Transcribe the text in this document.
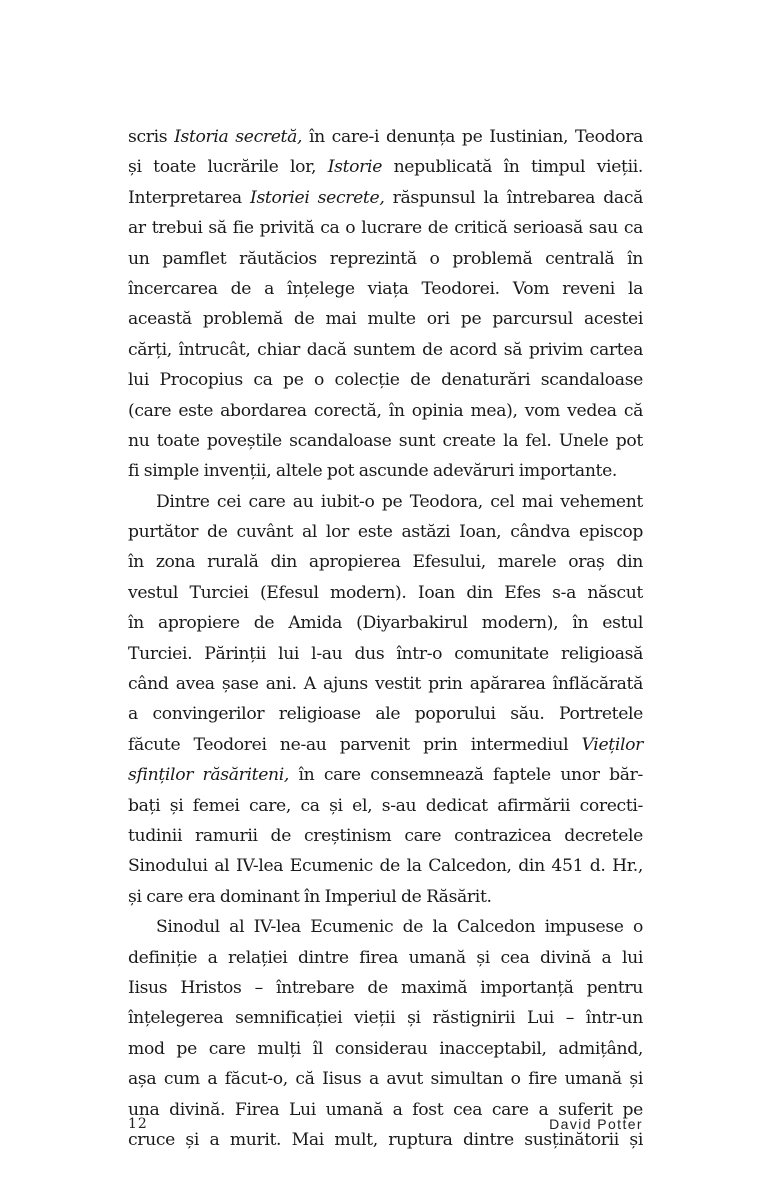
scris Istoria secretă, în care-i denunța pe Iustinian, Teodora
și toate lucrările lor, Istorie nepublicată în timpul vieții.
Interpretarea Istoriei secrete, răspunsul la întrebarea dacă
ar trebui să fie privită ca o lucrare de critică serioasă sau ca
un pamflet răutăcios reprezintă o problemă centrală în
încercarea de a înțelege viața Teodorei. Vom reveni la
această problemă de mai multe ori pe parcursul acestei
cărți, întrucât, chiar dacă suntem de acord să privim cartea
lui Procopius ca pe o colecție de denaturări scandaloase
(care este abordarea corectă, în opinia mea), vom vedea că
nu toate poveștile scandaloase sunt create la fel. Unele pot
fi simple invenții, altele pot ascunde adevăruri importante.
Dintre cei care au iubit-o pe Teodora, cel mai vehement
purtător de cuvânt al lor este astăzi Ioan, cândva episcop
în zona rurală din apropierea Efesului, marele oraș din
vestul Turciei (Efesul modern). Ioan din Efes s-a născut
în apropiere de Amida (Diyarbakirul modern), în estul
Turciei. Părinții lui l-au dus într-o comunitate religioasă
când avea șase ani. A ajuns vestit prin apărarea înflăcărată
a convingerilor religioase ale poporului său. Portretele
făcute Teodorei ne-au parvenit prin intermediul Vieților
sfinților răsăriteni, în care consemnează faptele unor băr-
bați și femei care, ca și el, s-au dedicat afirmării corecti-
tudinii ramurii de creștinism care contrazicea decretele
Sinodului al IV-lea Ecumenic de la Calcedon, din 451 d. Hr.,
și care era dominant în Imperiul de Răsărit.
Sinodul al IV-lea Ecumenic de la Calcedon impusese o
definiție a relației dintre firea umană și cea divină a lui
Iisus Hristos – întrebare de maximă importanță pentru
înțelegerea semnificației vieții și răstignirii Lui – într-un
mod pe care mulți îl considerau inacceptabil, admițând,
așa cum a făcut-o, că Iisus a avut simultan o fire umană și
una divină. Firea Lui umană a fost cea care a suferit pe
cruce și a murit. Mai mult, ruptura dintre susținătorii și
12	David Potter
